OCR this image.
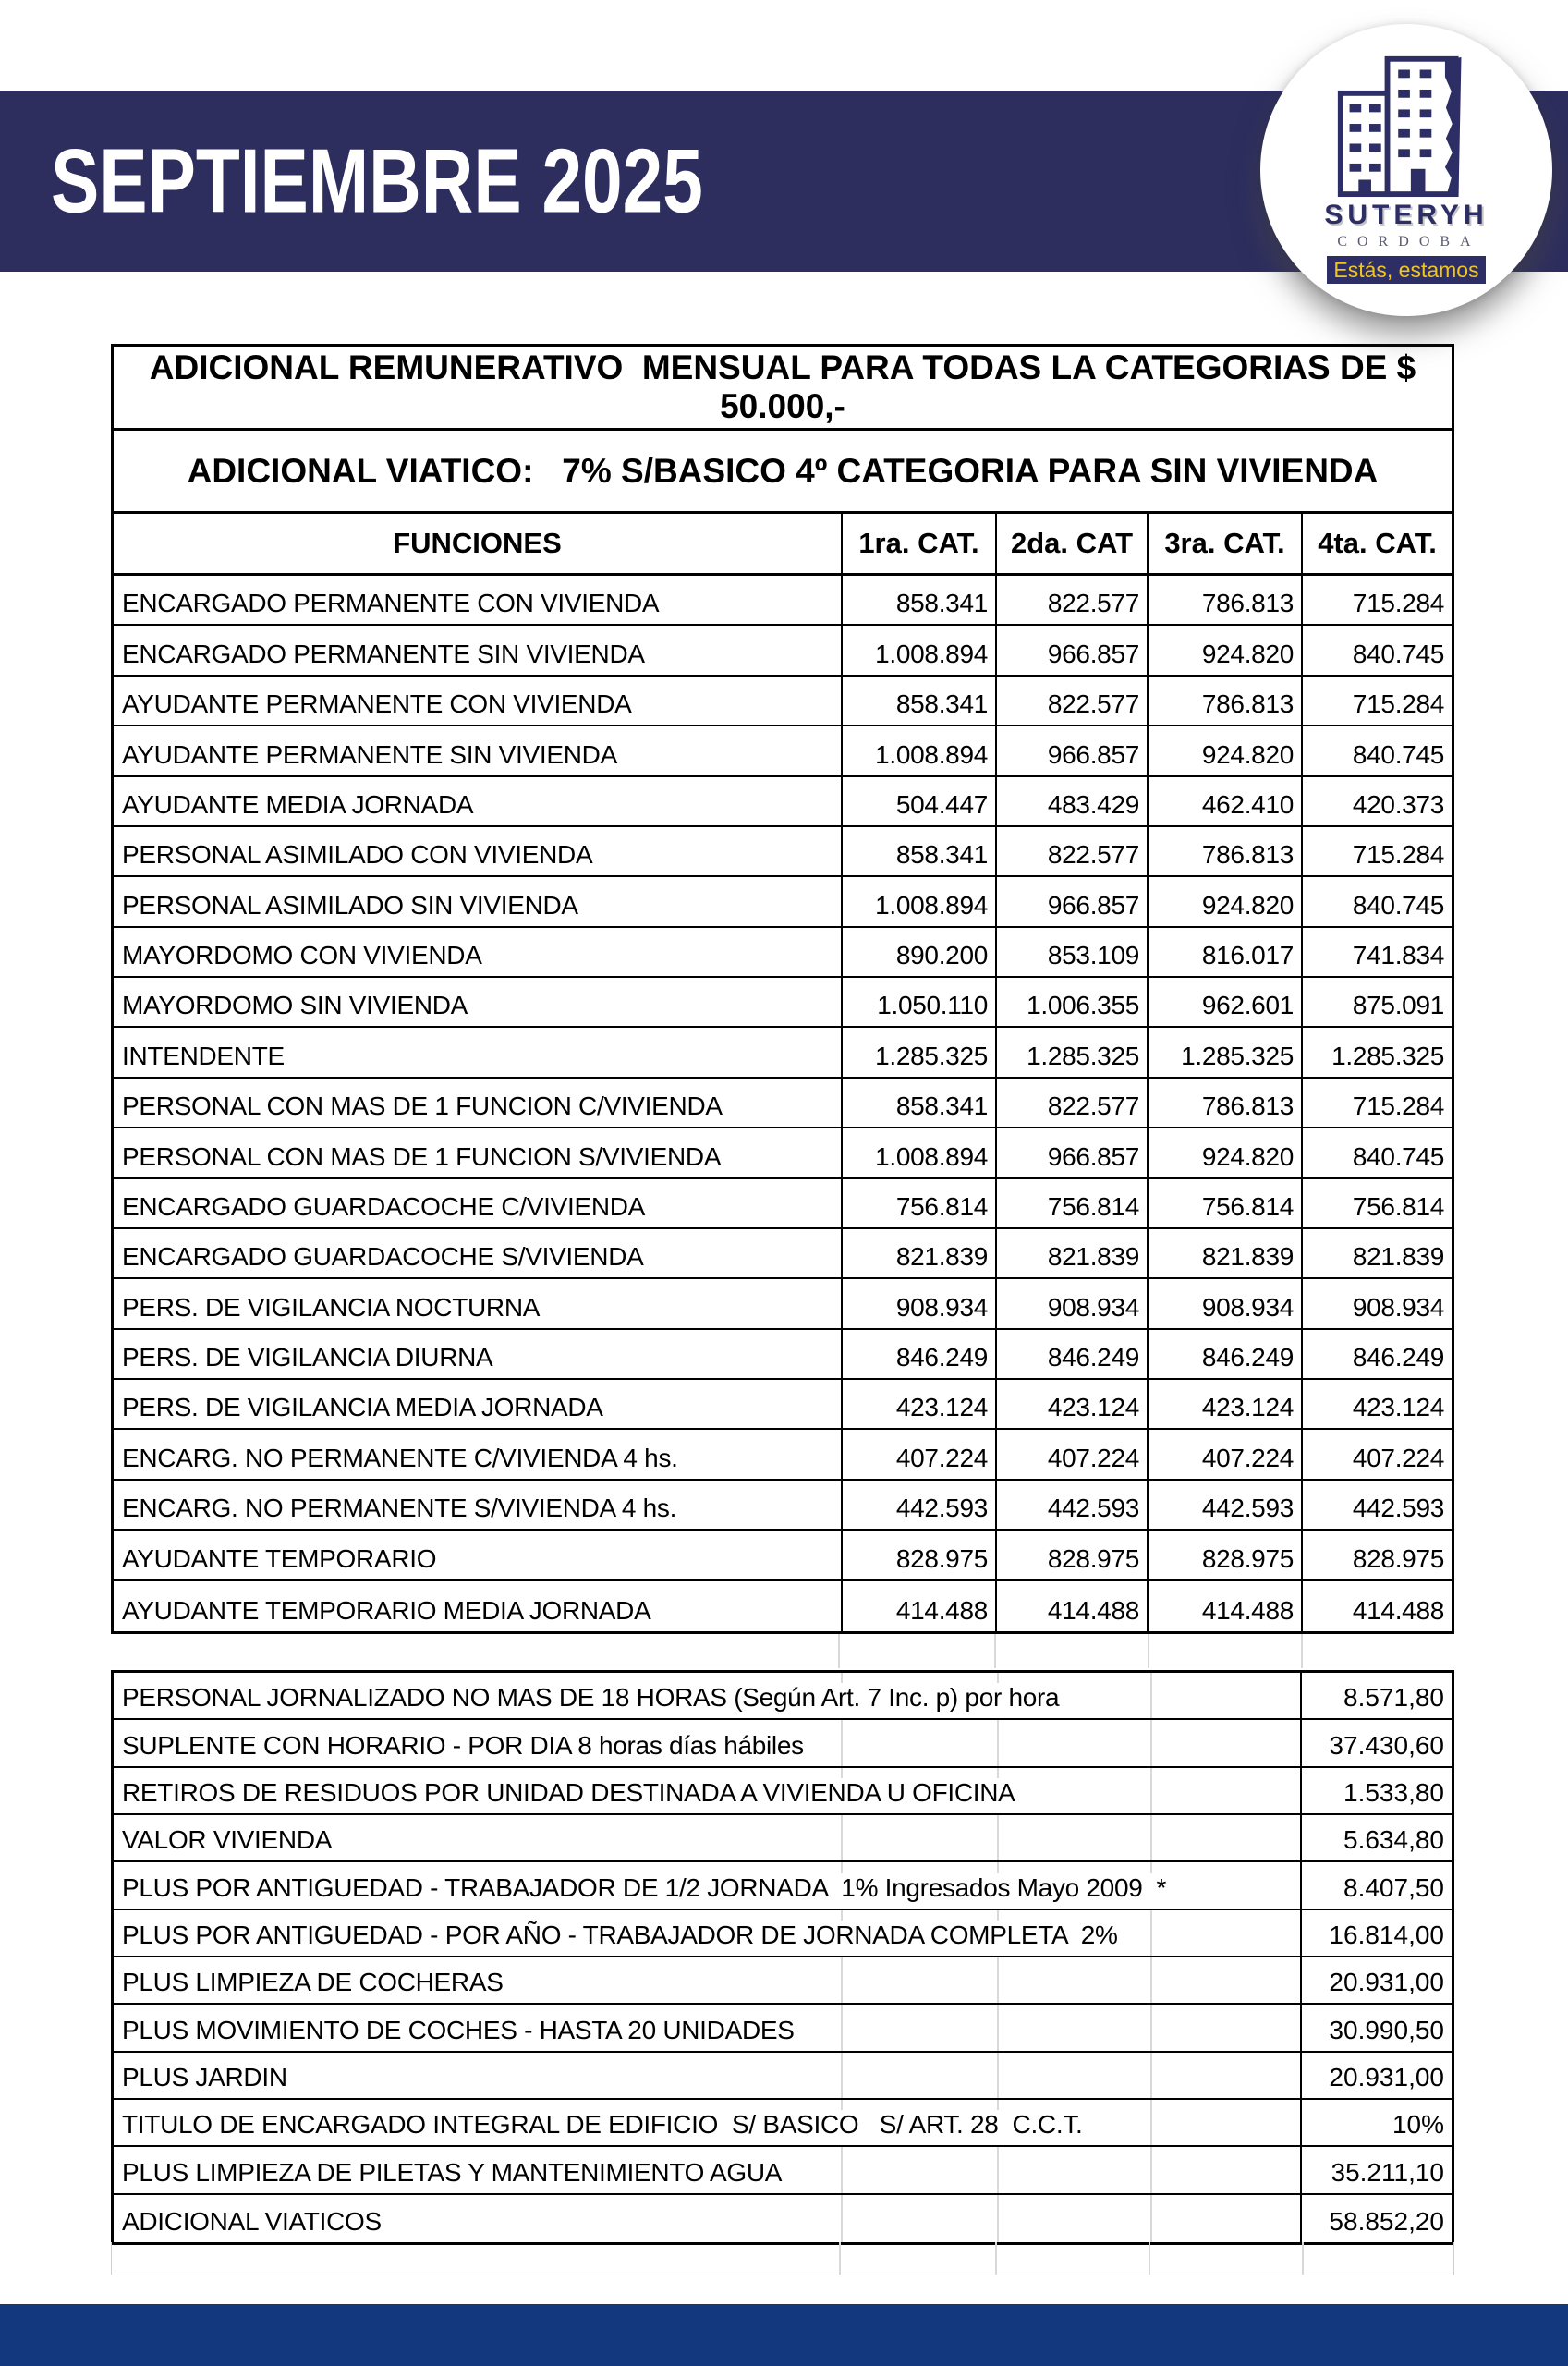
SEPTIEMBRE 2025	SUTERYH
CORDOBA
Estás, estamos
ADICIONAL REMUNERATIVO  MENSUAL PARA TODAS LA CATEGORIAS DE $ 50.000,-
ADICIONAL VIATICO:   7% S/BASICO 4º CATEGORIA PARA SIN VIVIENDA
FUNCIONES	1ra. CAT.	2da. CAT	3ra. CAT.	4ta. CAT.
ENCARGADO PERMANENTE CON VIVIENDA	858.341	822.577	786.813	715.284
ENCARGADO PERMANENTE SIN VIVIENDA	1.008.894	966.857	924.820	840.745
AYUDANTE PERMANENTE CON VIVIENDA	858.341	822.577	786.813	715.284
AYUDANTE PERMANENTE SIN VIVIENDA	1.008.894	966.857	924.820	840.745
AYUDANTE MEDIA JORNADA	504.447	483.429	462.410	420.373
PERSONAL ASIMILADO CON VIVIENDA	858.341	822.577	786.813	715.284
PERSONAL ASIMILADO SIN VIVIENDA	1.008.894	966.857	924.820	840.745
MAYORDOMO CON VIVIENDA	890.200	853.109	816.017	741.834
MAYORDOMO SIN VIVIENDA	1.050.110	1.006.355	962.601	875.091
INTENDENTE	1.285.325	1.285.325	1.285.325	1.285.325
PERSONAL CON MAS DE 1 FUNCION C/VIVIENDA	858.341	822.577	786.813	715.284
PERSONAL CON MAS DE 1 FUNCION S/VIVIENDA	1.008.894	966.857	924.820	840.745
ENCARGADO GUARDACOCHE C/VIVIENDA	756.814	756.814	756.814	756.814
ENCARGADO GUARDACOCHE S/VIVIENDA	821.839	821.839	821.839	821.839
PERS. DE VIGILANCIA NOCTURNA	908.934	908.934	908.934	908.934
PERS. DE VIGILANCIA DIURNA	846.249	846.249	846.249	846.249
PERS. DE VIGILANCIA MEDIA JORNADA	423.124	423.124	423.124	423.124
ENCARG. NO PERMANENTE C/VIVIENDA 4 hs.	407.224	407.224	407.224	407.224
ENCARG. NO PERMANENTE S/VIVIENDA 4 hs.	442.593	442.593	442.593	442.593
AYUDANTE TEMPORARIO	828.975	828.975	828.975	828.975
AYUDANTE TEMPORARIO MEDIA JORNADA	414.488	414.488	414.488	414.488
PERSONAL JORNALIZADO NO MAS DE 18 HORAS (Según Art. 7 Inc. p) por hora	8.571,80
SUPLENTE CON HORARIO - POR DIA 8 horas días hábiles	37.430,60
RETIROS DE RESIDUOS POR UNIDAD DESTINADA A VIVIENDA U OFICINA	1.533,80
VALOR VIVIENDA	5.634,80
PLUS POR ANTIGUEDAD - TRABAJADOR DE 1/2 JORNADA  1% Ingresados Mayo 2009  *	8.407,50
PLUS POR ANTIGUEDAD - POR AÑO - TRABAJADOR DE JORNADA COMPLETA  2%	16.814,00
PLUS LIMPIEZA DE COCHERAS	20.931,00
PLUS MOVIMIENTO DE COCHES - HASTA 20 UNIDADES	30.990,50
PLUS JARDIN	20.931,00
TITULO DE ENCARGADO INTEGRAL DE EDIFICIO  S/ BASICO   S/ ART. 28  C.C.T.	10%
PLUS LIMPIEZA DE PILETAS Y MANTENIMIENTO AGUA	35.211,10
ADICIONAL VIATICOS	58.852,20
